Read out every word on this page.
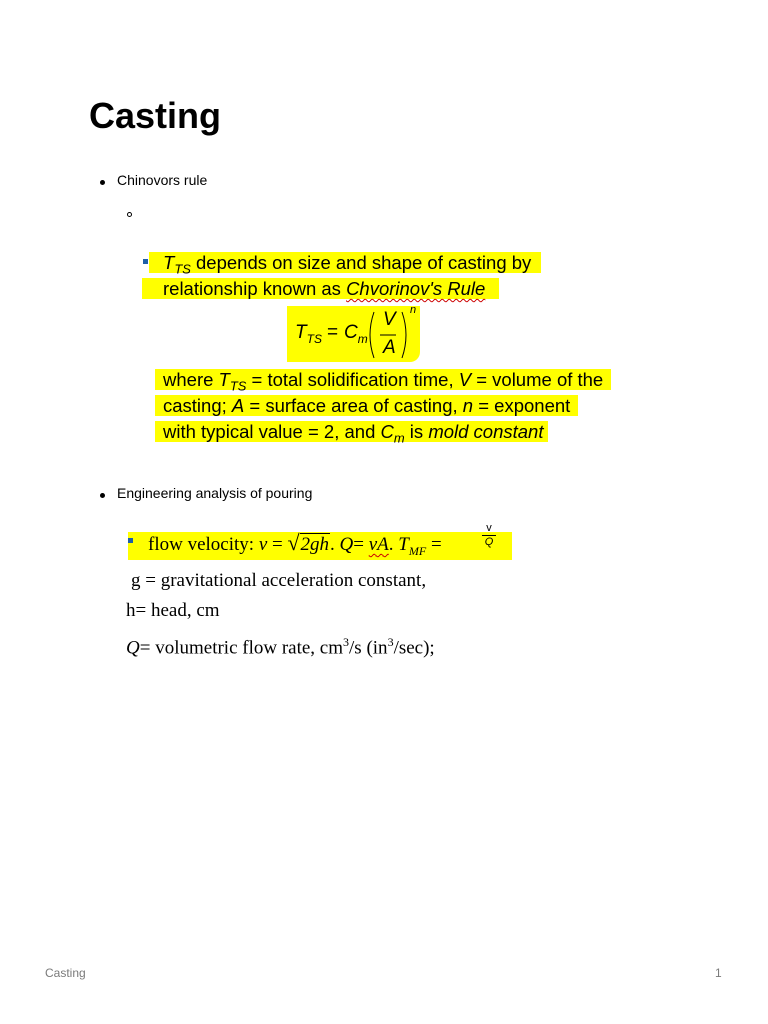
Casting
Chinovors rule
$T_{TS}$ depends on size and shape of casting by
relationship known as Chvorinov's Rule
$T_{TS} = C_m$
V
A
n
where $T_{TS}$ = total solidification time, V = volume of the
casting; A = surface area of casting, n = exponent
with typical value = 2, and $C_m$ is mold constant
Engineering analysis of pouring
flow velocity: v = √2gh. Q= vA. $T_{MF}$ =	$\frac{v}{Q}$
g = gravitational acceleration constant,
h= head, cm
Q= volumetric flow rate, $cm^3/s$ $(in^3/\sec)$;
Casting	1
